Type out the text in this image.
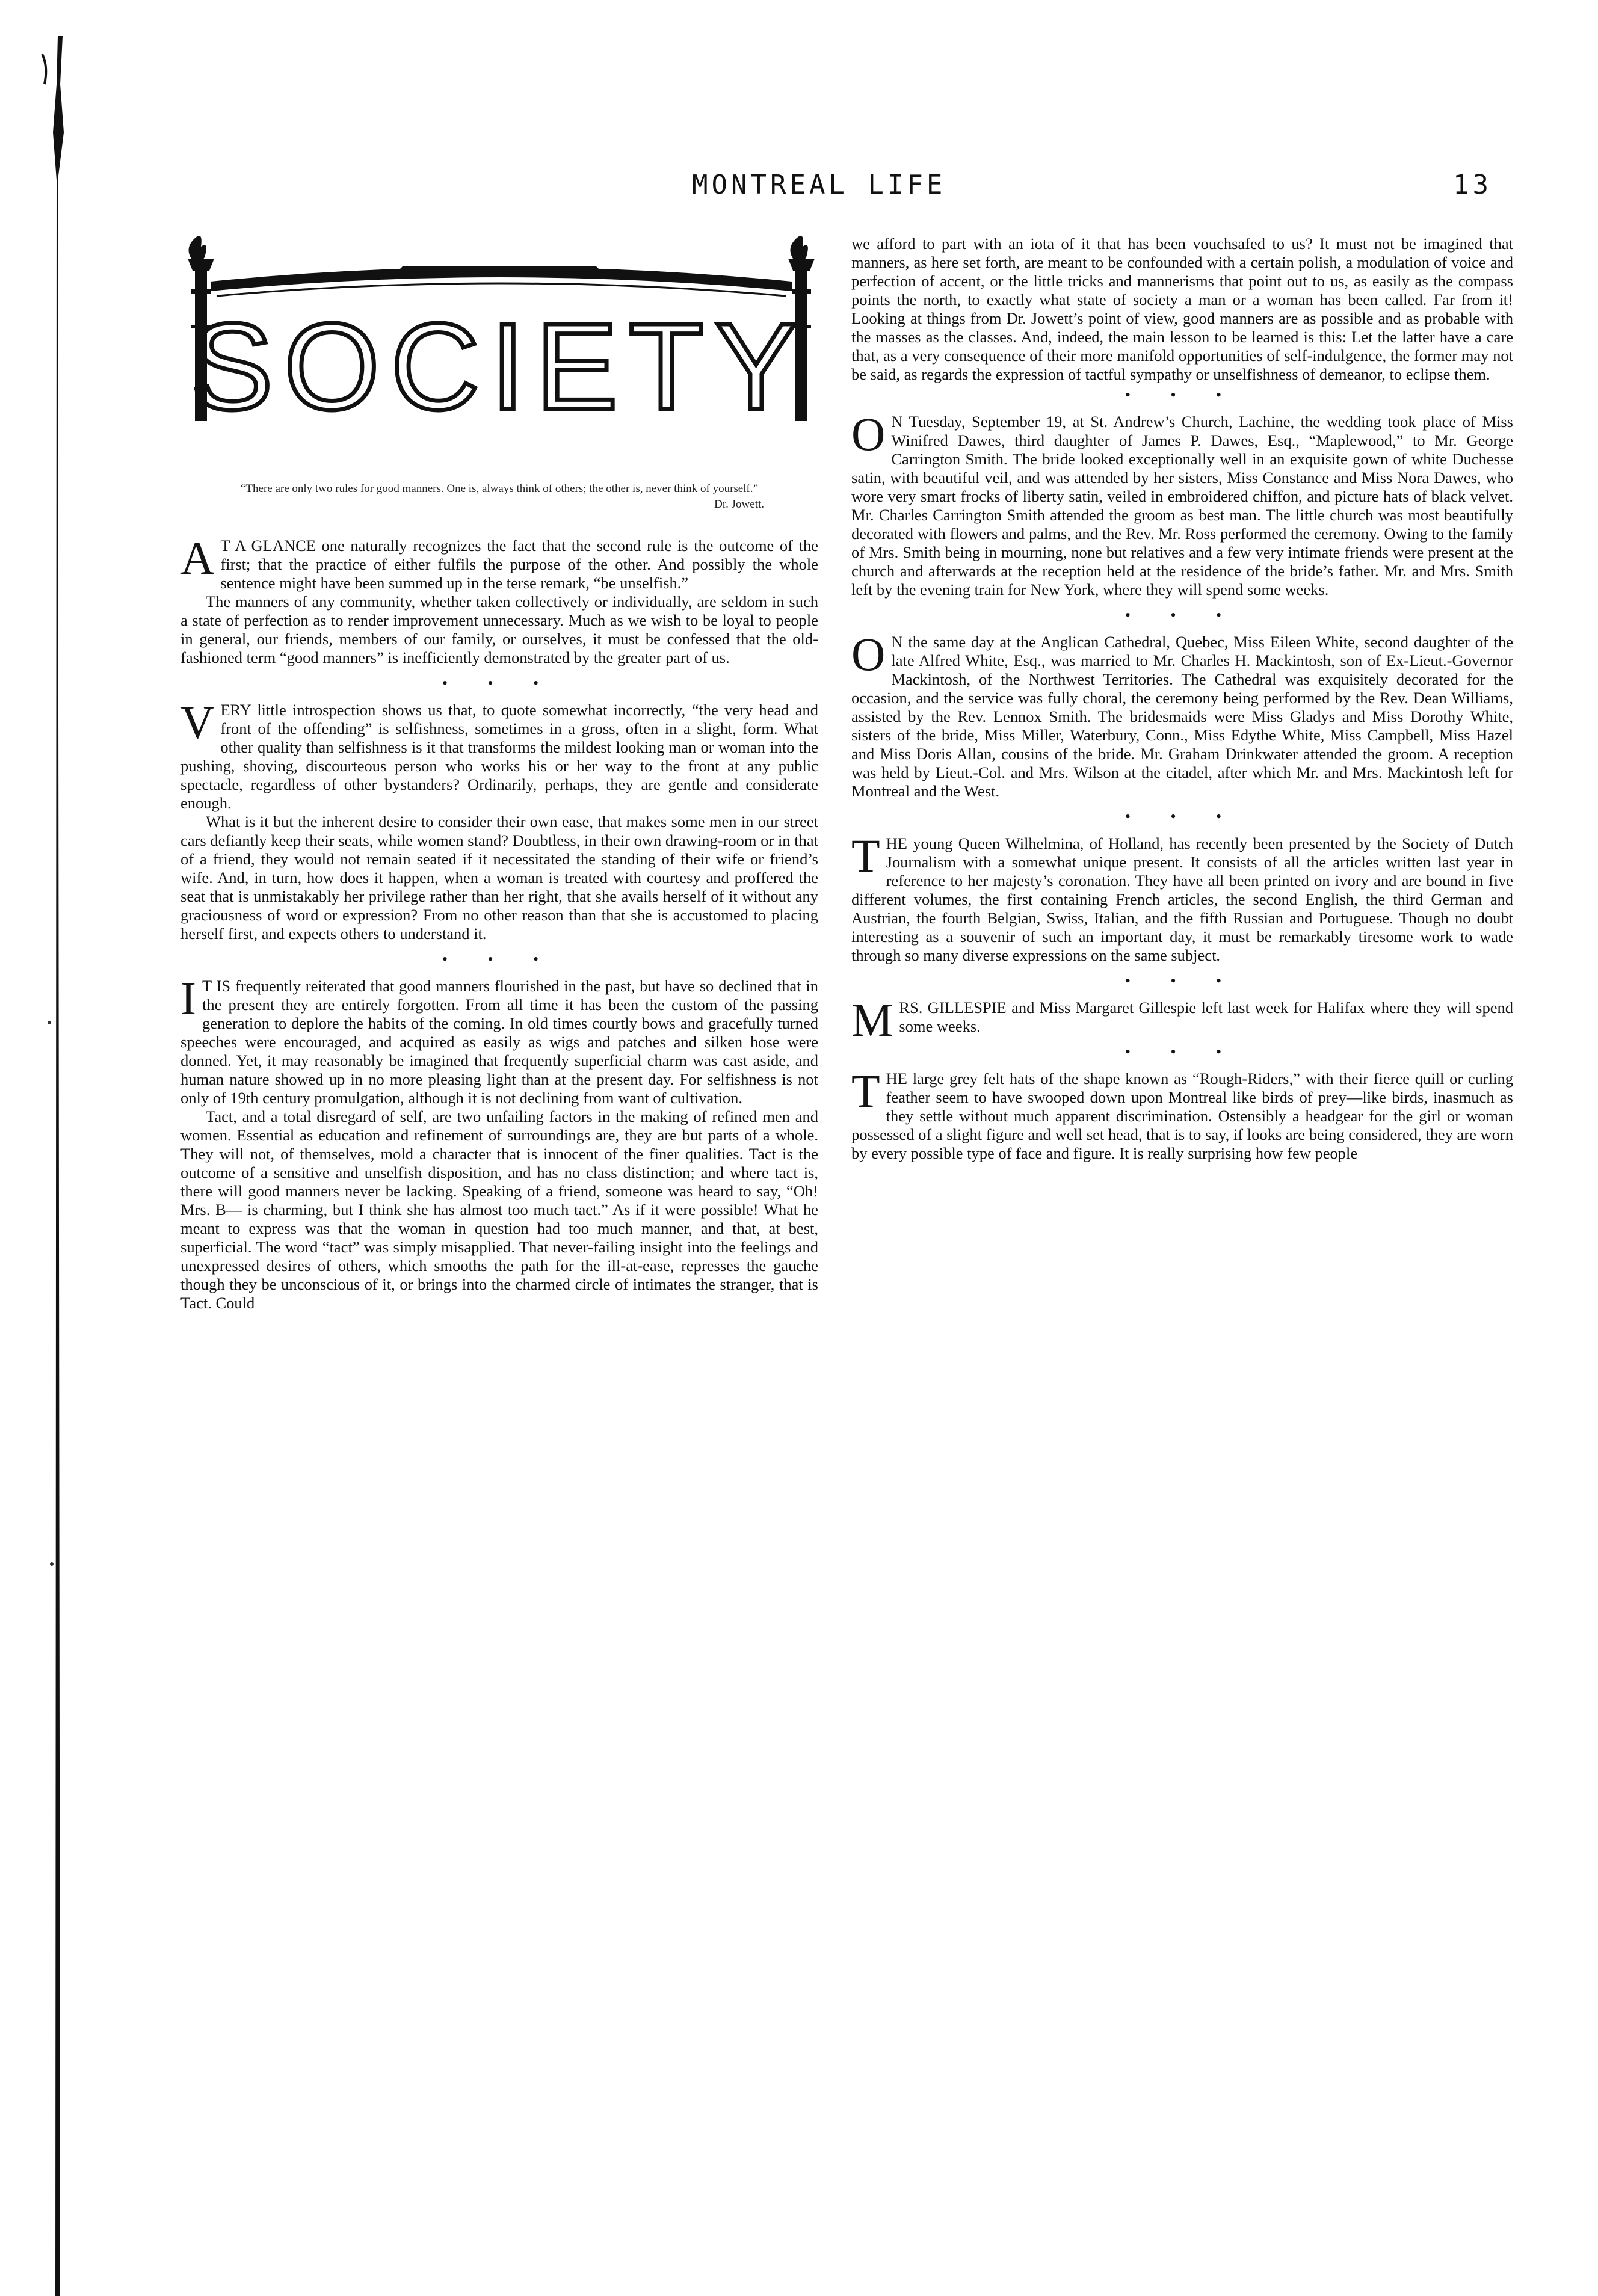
MONTREAL LIFE	13
SOCIETY
“There are only two rules for good manners. One is, always think of others; the other is, never think of yourself.”
– Dr. Jowett.

A T A GLANCE one naturally recognizes the fact that the second rule is the outcome of the first; that the practice of either fulfils the purpose of the other. And possibly the whole sentence might have been summed up in the terse remark, “be unselfish.”

The manners of any community, whether taken collectively or individually, are seldom in such a state of perfection as to render improvement unnecessary. Much as we wish to be loyal to people in general, our friends, members of our family, or ourselves, it must be confessed that the old-fashioned term “good manners” is inefficiently demonstrated by the greater part of us.

• • •

VERY little introspection shows us that, to quote somewhat incorrectly, “the very head and front of the offending” is selfishness, sometimes in a gross, often in a slight, form. What other quality than selfishness is it that transforms the mildest looking man or woman into the pushing, shoving, discourteous person who works his or her way to the front at any public spectacle, regardless of other bystanders? Ordinarily, perhaps, they are gentle and considerate enough.

What is it but the inherent desire to consider their own ease, that makes some men in our street cars defiantly keep their seats, while women stand? Doubtless, in their own drawing-room or in that of a friend, they would not remain seated if it necessitated the standing of their wife or friend’s wife. And, in turn, how does it happen, when a woman is treated with courtesy and proffered the seat that is unmistakably her privilege rather than her right, that she avails herself of it without any graciousness of word or expression? From no other reason than that she is accustomed to placing herself first, and expects others to understand it.

• • •

I T IS frequently reiterated that good manners flourished in the past, but have so declined that in the present they are entirely forgotten. From all time it has been the custom of the passing generation to deplore the habits of the coming. In old times courtly bows and gracefully turned speeches were encouraged, and acquired as easily as wigs and patches and silken hose were donned. Yet, it may reasonably be imagined that frequently superficial charm was cast aside, and human nature showed up in no more pleasing light than at the present day. For selfishness is not only of 19th century promulgation, although it is not declining from want of cultivation.

Tact, and a total disregard of self, are two unfailing factors in the making of refined men and women. Essential as education and refinement of surroundings are, they are but parts of a whole. They will not, of themselves, mold a character that is innocent of the finer qualities. Tact is the outcome of a sensitive and unselfish disposition, and has no class distinction; and where tact is, there will good manners never be lacking. Speaking of a friend, someone was heard to say, “Oh! Mrs. B— is charming, but I think she has almost too much tact.” As if it were possible! What he meant to express was that the woman in question had too much manner, and that, at best, superficial. The word “tact” was simply misapplied. That never-failing insight into the feelings and unexpressed desires of others, which smooths the path for the ill-at-ease, represses the gauche though they be unconscious of it, or brings into the charmed circle of intimates the stranger, that is Tact. Could

we afford to part with an iota of it that has been vouchsafed to us? It must not be imagined that manners, as here set forth, are meant to be confounded with a certain polish, a modulation of voice and perfection of accent, or the little tricks and mannerisms that point out to us, as easily as the compass points the north, to exactly what state of society a man or a woman has been called. Far from it! Looking at things from Dr. Jowett’s point of view, good manners are as possible and as probable with the masses as the classes. And, indeed, the main lesson to be learned is this: Let the latter have a care that, as a very consequence of their more manifold opportunities of self-indulgence, the former may not be said, as regards the expression of tactful sympathy or unselfishness of demeanor, to eclipse them.

• • •

O N Tuesday, September 19, at St. Andrew’s Church, Lachine, the wedding took place of Miss Winifred Dawes, third daughter of James P. Dawes, Esq., “Maplewood,” to Mr. George Carrington Smith. The bride looked exceptionally well in an exquisite gown of white Duchesse satin, with beautiful veil, and was attended by her sisters, Miss Constance and Miss Nora Dawes, who wore very smart frocks of liberty satin, veiled in embroidered chiffon, and picture hats of black velvet. Mr. Charles Carrington Smith attended the groom as best man. The little church was most beautifully decorated with flowers and palms, and the Rev. Mr. Ross performed the ceremony. Owing to the family of Mrs. Smith being in mourning, none but relatives and a few very intimate friends were present at the church and afterwards at the reception held at the residence of the bride’s father. Mr. and Mrs. Smith left by the evening train for New York, where they will spend some weeks.

• • •

O N the same day at the Anglican Cathedral, Quebec, Miss Eileen White, second daughter of the late Alfred White, Esq., was married to Mr. Charles H. Mackintosh, son of Ex-Lieut.-Governor Mackintosh, of the Northwest Territories. The Cathedral was exquisitely decorated for the occasion, and the service was fully choral, the ceremony being performed by the Rev. Dean Williams, assisted by the Rev. Lennox Smith. The bridesmaids were Miss Gladys and Miss Dorothy White, sisters of the bride, Miss Miller, Waterbury, Conn., Miss Edythe White, Miss Campbell, Miss Hazel and Miss Doris Allan, cousins of the bride. Mr. Graham Drinkwater attended the groom. A reception was held by Lieut.-Col. and Mrs. Wilson at the citadel, after which Mr. and Mrs. Mackintosh left for Montreal and the West.

• • •

THE young Queen Wilhelmina, of Holland, has recently been presented by the Society of Dutch Journalism with a somewhat unique present. It consists of all the articles written last year in reference to her majesty’s coronation. They have all been printed on ivory and are bound in five different volumes, the first containing French articles, the second English, the third German and Austrian, the fourth Belgian, Swiss, Italian, and the fifth Russian and Portuguese. Though no doubt interesting as a souvenir of such an important day, it must be remarkably tiresome work to wade through so many diverse expressions on the same subject.

• • •

MRS. GILLESPIE and Miss Margaret Gillespie left last week for Halifax where they will spend some weeks.

• • •

THE large grey felt hats of the shape known as “Rough-Riders,” with their fierce quill or curling feather seem to have swooped down upon Montreal like birds of prey—like birds, inasmuch as they settle without much apparent discrimination. Ostensibly a headgear for the girl or woman possessed of a slight figure and well set head, that is to say, if looks are being considered, they are worn by every possible type of face and figure. It is really surprising how few people
